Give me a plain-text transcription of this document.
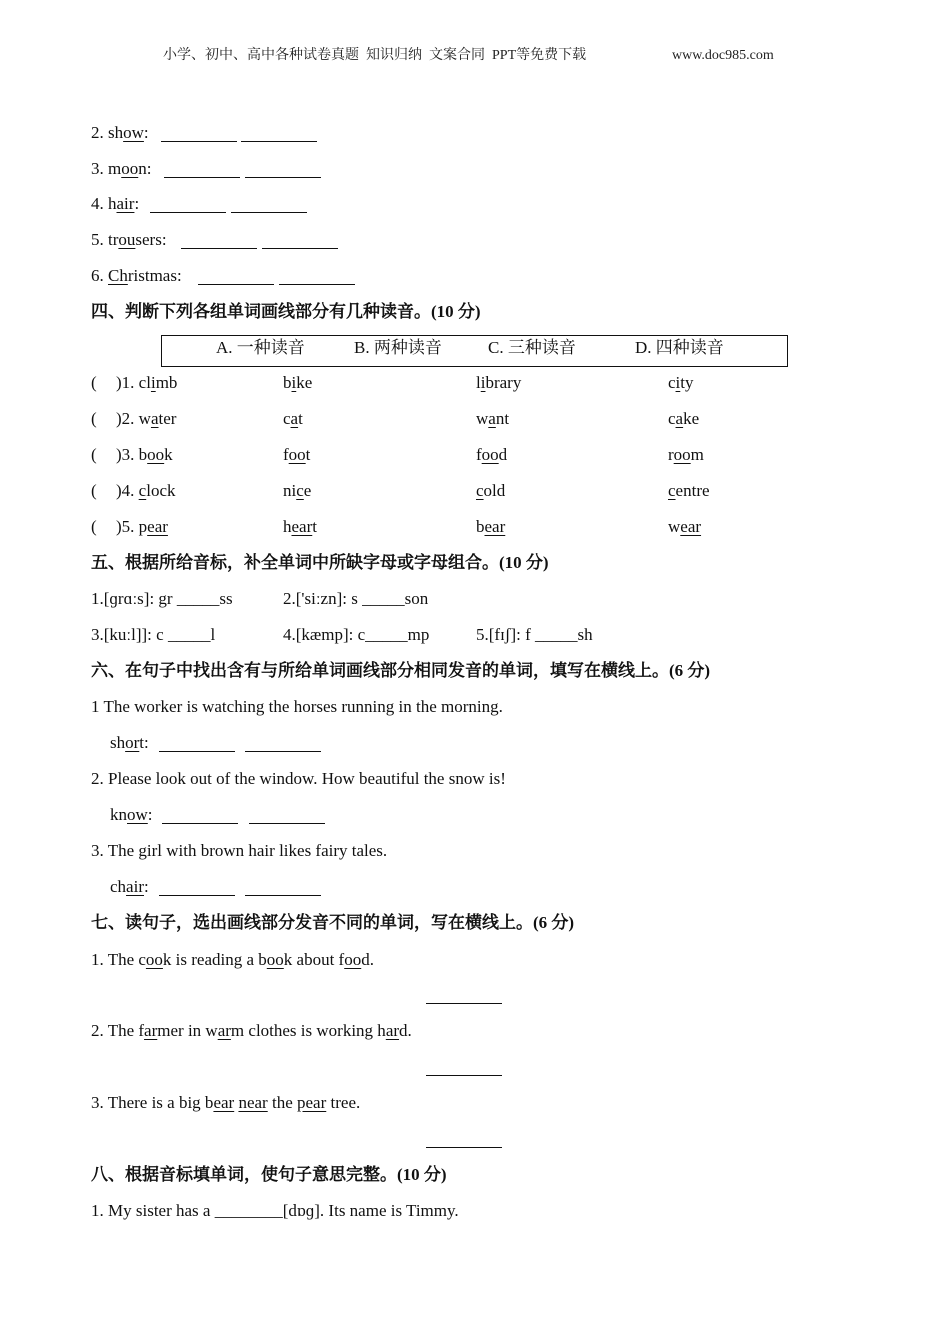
小学、初中、高中各种试卷真题  知识归纳  文案合同  PPT等免费下载	www.doc985.com
2. show:
3. moon:
4. hair:
5. trousers:
6. Christmas:
四、判断下列各组单词画线部分有几种读音。(10 分)
A. 一种读音	B. 两种读音	C. 三种读音	D. 四种读音
( )1. climb	bike	library	city
( )2. water	cat	want	cake
( )3. book	foot	food	room
( )4. clock	nice	cold	centre
( )5. pear	heart	bear	wear
五、根据所给音标，补全单词中所缺字母或字母组合。(10 分)
1.[ɡrɑːs]: gr _____ss	2.['siːzn]: s _____son
3.[kuːl]]: c _____l	4.[kæmp]: c_____mp	5.[fɪʃ]: f _____sh
六、在句子中找出含有与所给单词画线部分相同发音的单词，填写在横线上。(6 分)
1 The worker is watching the horses running in the morning.
short:
2. Please look out of the window. How beautiful the snow is!
know:
3. The girl with brown hair likes fairy tales.
chair:
七、读句子，选出画线部分发音不同的单词，写在横线上。(6 分)
1. The cook is reading a book about food.
2. The farmer in warm clothes is working hard.
3. There is a big bear near the pear tree.
八、根据音标填单词，使句子意思完整。(10 分)
1. My sister has a ________[dɒɡ]. Its name is Timmy.
